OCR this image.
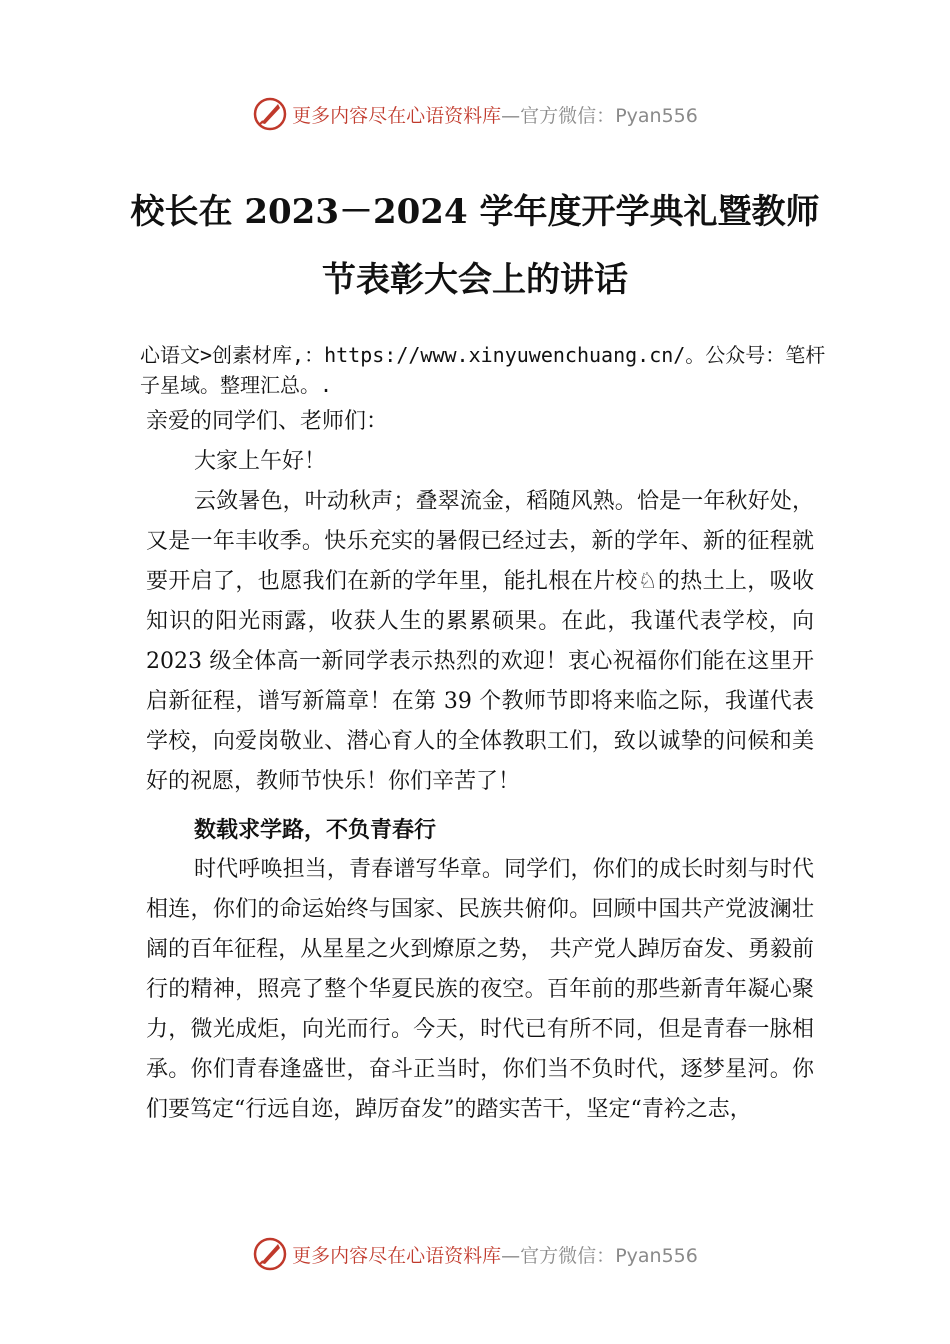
更多内容尽在心语资料库—官方微信：Pyan556
校长在 2023－2024 学年度开学典礼暨教师
节表彰大会上的讲话
心语文>创素材库,：https://www.xinyuwenchuang.cn/。公众号：笔杆子星域。整理汇总。.

亲爱的同学们、老师们：

大家上午好！

云敛暑色，叶动秋声；叠翠流金，稻随风熟。恰是一年秋好处，又是一年丰收季。快乐充实的暑假已经过去，新的学年、新的征程就要开启了，也愿我们在新的学年里，能扎根在片校♘的热土上，吸收知识的阳光雨露，收获人生的累累硕果。在此，我谨代表学校，向 2023 级全体高一新同学表示热烈的欢迎！衷心祝福你们能在这里开启新征程，谱写新篇章！在第 39 个教师节即将来临之际，我谨代表学校，向爱岗敬业、潜心育人的全体教职工们，致以诚挚的问候和美好的祝愿，教师节快乐！你们辛苦了！

数载求学路，不负青春行

时代呼唤担当，青春谱写华章。同学们，你们的成长时刻与时代相连，你们的命运始终与国家、民族共俯仰。回顾中国共产党波澜壮阔的百年征程，从星星之火到燎原之势， 共产党人踔厉奋发、勇毅前行的精神，照亮了整个华夏民族的夜空。百年前的那些新青年凝心聚力，微光成炬，向光而行。今天，时代已有所不同，但是青春一脉相承。你们青春逢盛世，奋斗正当时，你们当不负时代，逐梦星河。你们要笃定“行远自迩，踔厉奋发”的踏实苦干，坚定“青衿之志，

更多内容尽在心语资料库—官方微信：Pyan556
